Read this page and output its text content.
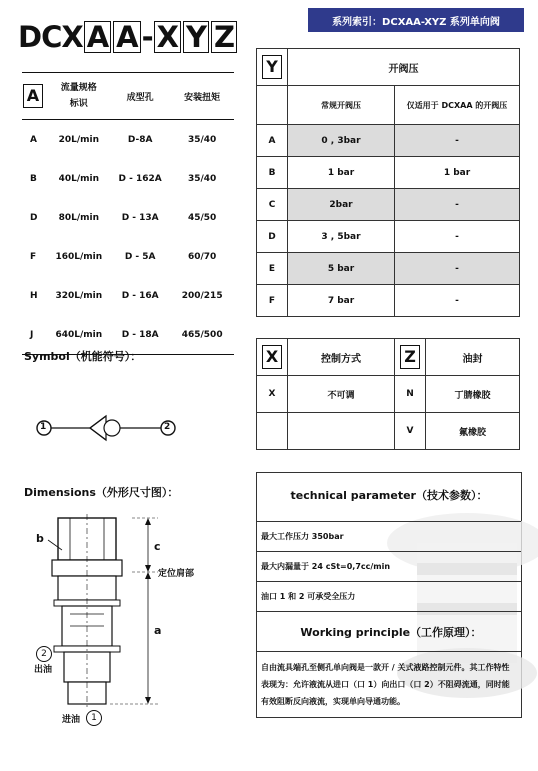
系列索引：DCXAA-XYZ 系列单向阀
DCX A A - X Y Z
A	流量规格
标识	成型孔	安装扭矩
A	20L/min	D-8A	35/40
B	40L/min	D - 162A	35/40
D	80L/min	D - 13A	45/50
F	160L/min	D - 5A	60/70
H	320L/min	D - 16A	200/215
J	640L/min	D - 18A	465/500
Y	开阀压	
	常规开阀压	仅适用于 DCXAA 的开阀压
A	0 , 3bar	-
B	1 bar	1 bar
C	2bar	-
D	3 , 5bar	-
E	5 bar	-
F	7 bar	-
X	控制方式	Z	油封
X	不可调	N	丁腈橡胶
		V	氟橡胶
Symbol（机能符号）：
1	2
Dimensions（外形尺寸图）：
b
c
a
定位肩部
2
出油
进油	1
technical parameter（技术参数）：
最大工作压力 350bar
最大内漏量于 24 cSt=0,7cc/min
油口 1 和 2 可承受全压力
Working principle（工作原理）：
自由流具端孔至侧孔单向阀是一款开 / 关式液路控制元件。其工作特性表现为：允许液流从进口（口 1）向出口（口 2）不阻碍流通，同时能有效阻断反向液流，实现单向导通功能。
